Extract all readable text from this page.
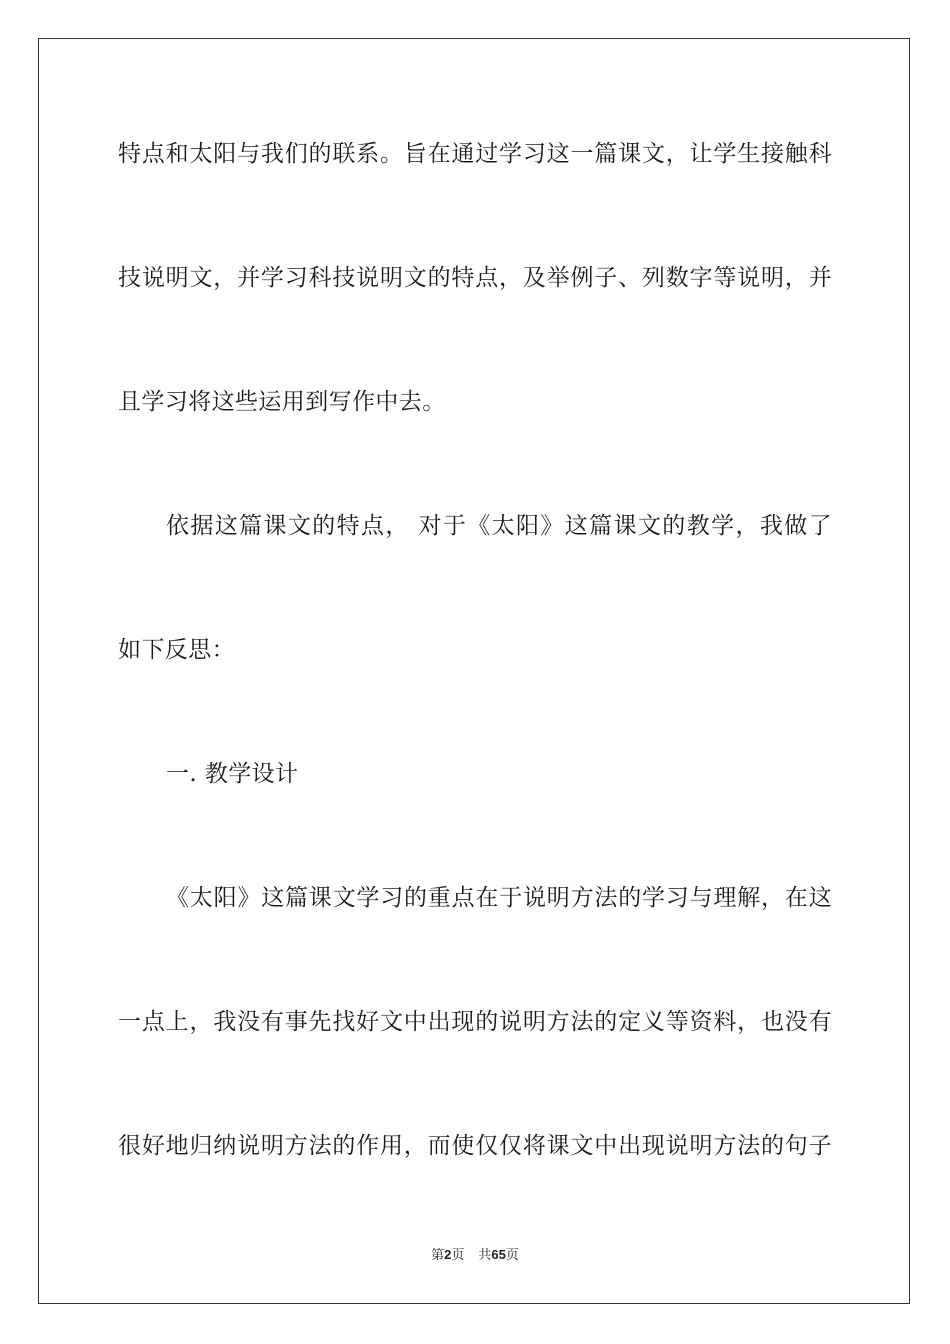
特点和太阳与我们的联系。旨在通过学习这一篇课文，让学生接触科
技说明文，并学习科技说明文的特点，及举例子、列数字等说明，并
且学习将这些运用到写作中去。
依据这篇课文的特点， 对于《太阳》这篇课文的教学，我做了
如下反思：
一. 教学设计
《太阳》这篇课文学习的重点在于说明方法的学习与理解，在这
一点上，我没有事先找好文中出现的说明方法的定义等资料，也没有
很好地归纳说明方法的作用，而使仅仅将课文中出现说明方法的句子
第2页 共65页
